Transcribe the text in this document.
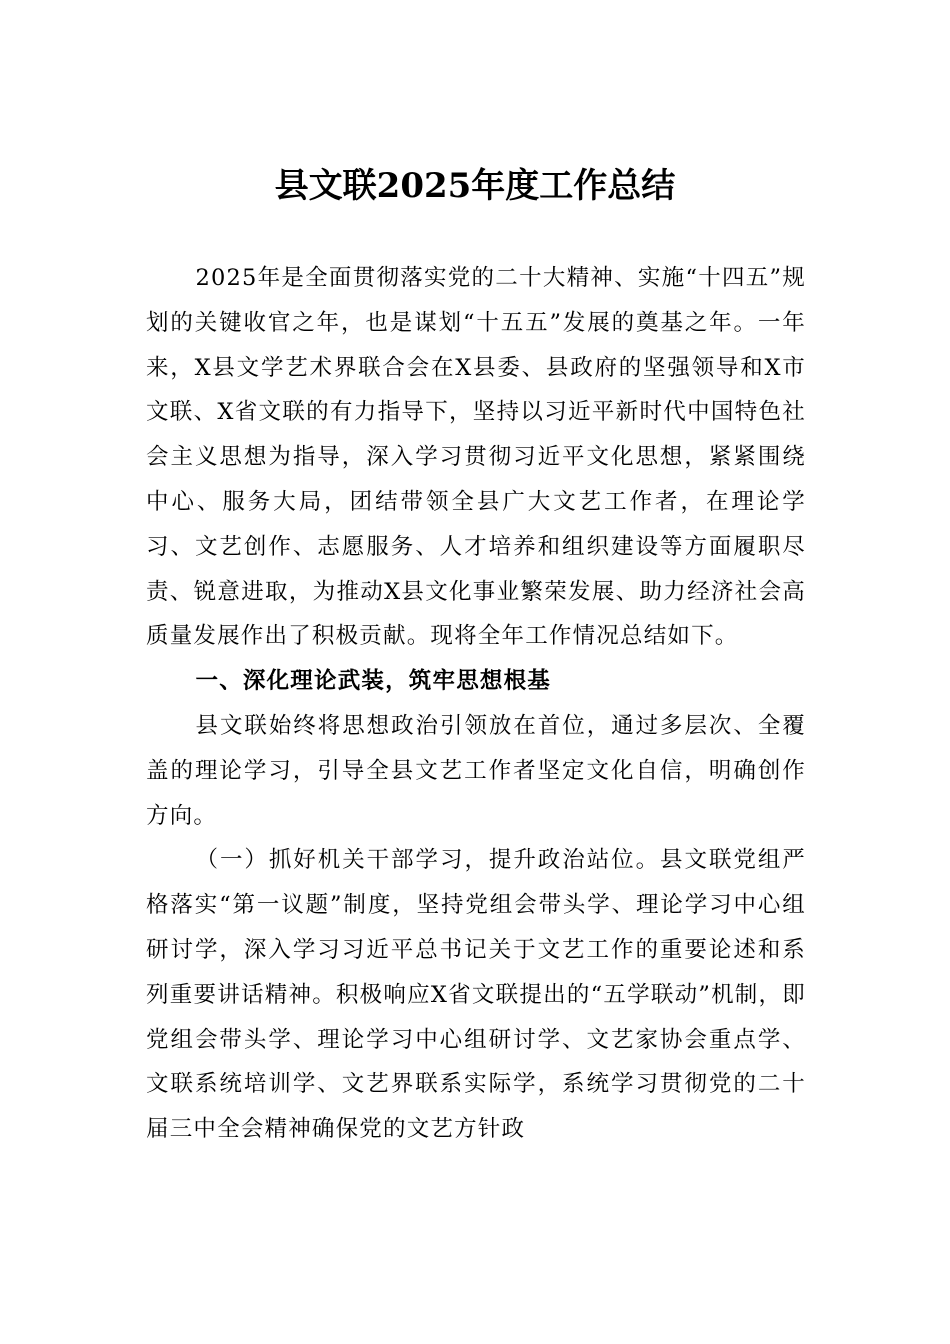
县文联2025年度工作总结

2025年是全面贯彻落实党的二十大精神、实施“十四五”规划的关键收官之年，也是谋划“十五五”发展的奠基之年。一年来，X县文学艺术界联合会在X县委、县政府的坚强领导和X市文联、X省文联的有力指导下，坚持以习近平新时代中国特色社会主义思想为指导，深入学习贯彻习近平文化思想，紧紧围绕中心、服务大局，团结带领全县广大文艺工作者，在理论学习、文艺创作、志愿服务、人才培养和组织建设等方面履职尽责、锐意进取，为推动X县文化事业繁荣发展、助力经济社会高质量发展作出了积极贡献。现将全年工作情况总结如下。

一、深化理论武装，筑牢思想根基

县文联始终将思想政治引领放在首位，通过多层次、全覆盖的理论学习，引导全县文艺工作者坚定文化自信，明确创作方向。

（一）抓好机关干部学习，提升政治站位。县文联党组严格落实“第一议题”制度，坚持党组会带头学、理论学习中心组研讨学，深入学习习近平总书记关于文艺工作的重要论述和系列重要讲话精神。积极响应X省文联提出的“五学联动”机制，即党组会带头学、理论学习中心组研讨学、文艺家协会重点学、文联系统培训学、文艺界联系实际学，系统学习贯彻党的二十届三中全会精神确保党的文艺方针政
